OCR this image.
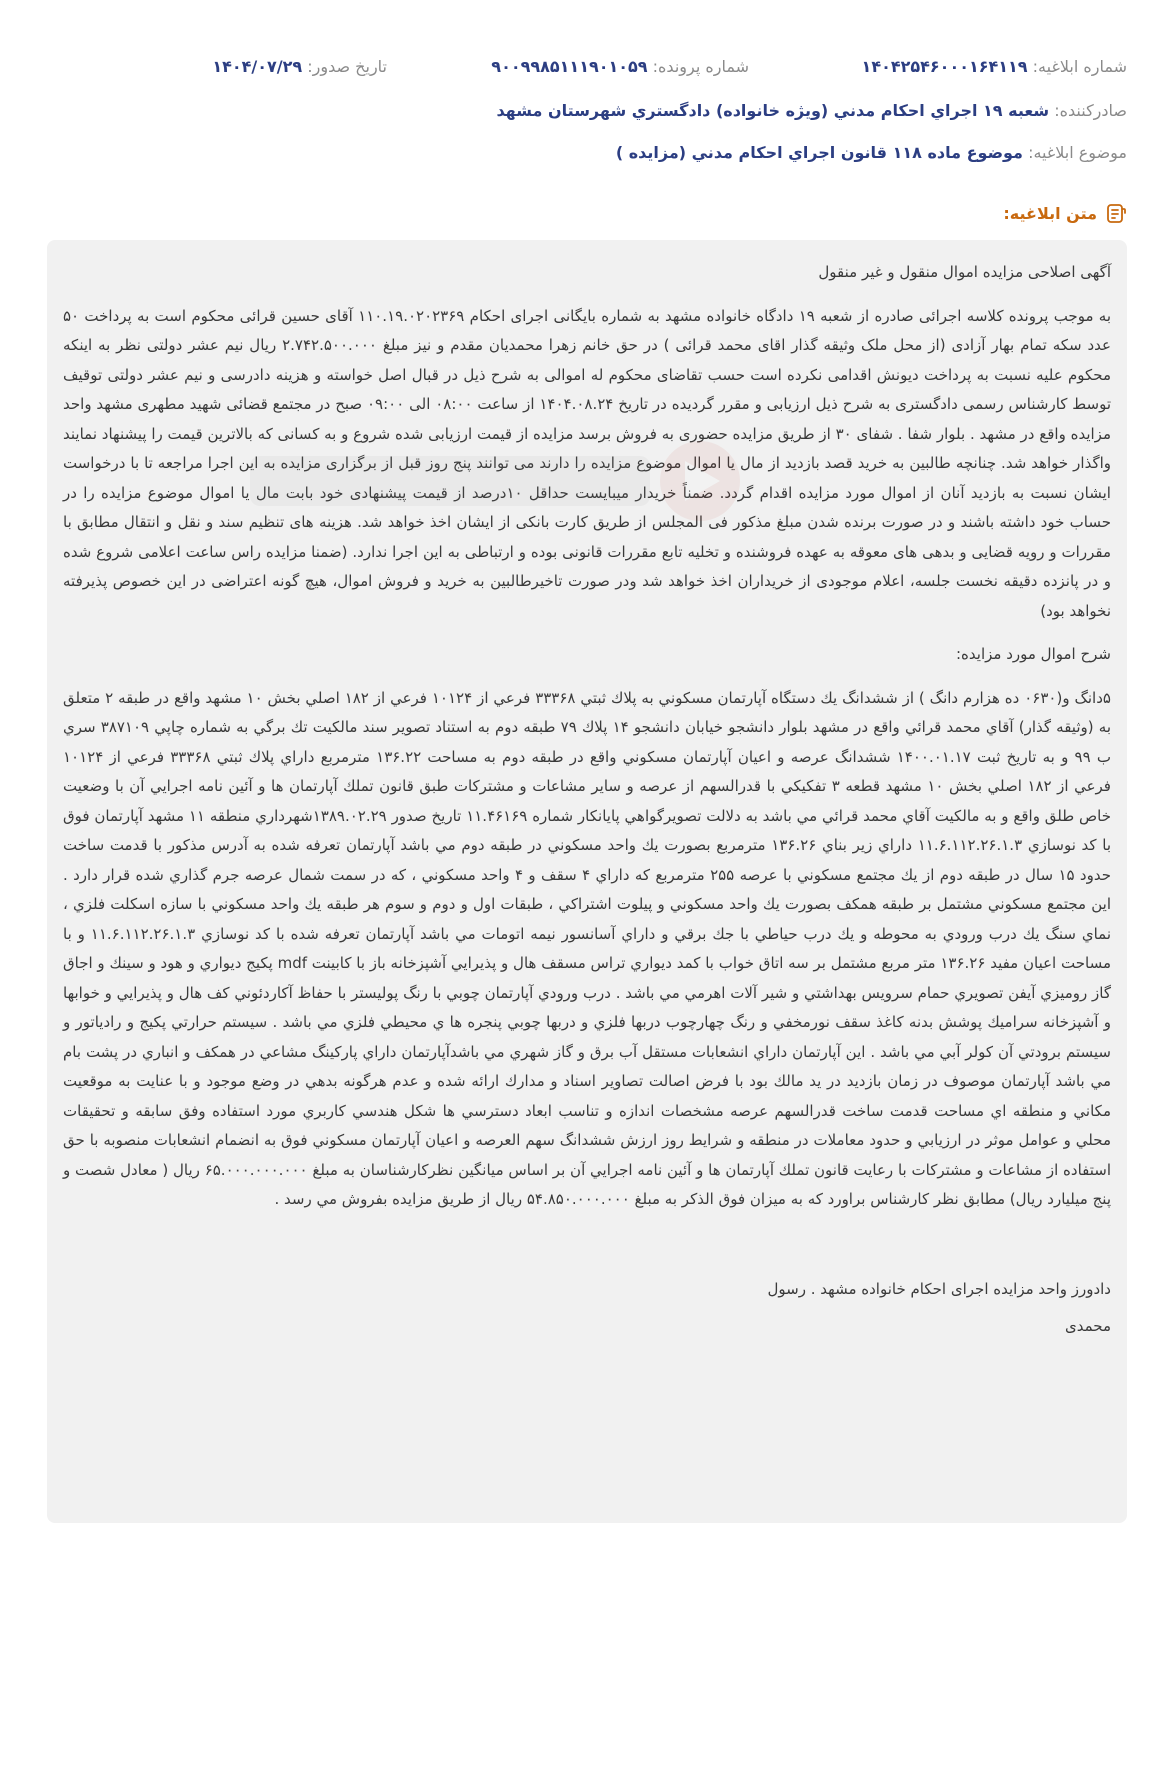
شماره ابلاغیه: ۱۴۰۴۲۵۴۶۰۰۰۱۶۴۱۱۹
شماره پرونده: ۹۰۰۹۹۸۵۱۱۱۹۰۱۰۵۹
تاریخ صدور: ۱۴۰۴/۰۷/۲۹
صادرکننده: شعبه ۱۹ اجراي احكام مدني (ويژه خانواده) دادگستري شهرستان مشهد
موضوع ابلاغیه: موضوع ماده ۱۱۸ قانون اجراي احكام مدني (مزايده )
متن ابلاغیه:

آگهی اصلاحی مزایده اموال منقول و غیر منقول

به موجب پرونده کلاسه اجرائی صادره از شعبه ۱۹ دادگاه خانواده مشهد به شماره بایگانی اجرای احکام ۱۱۰.۱۹.۰۲۰۲۳۶۹ آقای حسین قرائی محکوم است به پرداخت ۵۰ عدد سکه تمام بهار آزادی (از محل ملک وثیقه گذار اقای محمد قرائی ) در حق خانم زهرا محمدیان مقدم و نیز مبلغ ۲.۷۴۲.۵۰۰.۰۰۰ ریال نیم عشر دولتی نظر به اینکه محکوم علیه نسبت به پرداخت دیونش اقدامی نکرده است حسب تقاضای محکوم له اموالی به شرح ذیل در قبال اصل خواسته و هزینه دادرسی و نیم عشر دولتی توقیف توسط کارشناس رسمی دادگستری به شرح ذیل ارزیابی و مقرر گردیده در تاریخ ۱۴۰۴.۰۸.۲۴ از ساعت ۰۸:۰۰ الی ۰۹:۰۰ صبح در مجتمع قضائی شهید مطهری مشهد واحد مزایده واقع در مشهد . بلوار شفا . شفای ۳۰ از طریق مزایده حضوری به فروش برسد مزایده از قیمت ارزیابی شده شروع و به کسانی که بالاترین قیمت را پیشنهاد نمایند واگذار خواهد شد. چنانچه طالبین به خرید قصد بازدید از مال یا اموال موضوع مزایده را دارند می توانند پنج روز قبل از برگزاری مزایده به این اجرا مراجعه تا با درخواست ایشان نسبت به بازدید آنان از اموال مورد مزایده اقدام گردد. ضمناً خریدار میبایست حداقل ۱۰درصد از قیمت پیشنهادی خود بابت مال یا اموال موضوع مزایده را در حساب خود داشته باشند و در صورت برنده شدن مبلغ مذکور فی المجلس از طریق کارت بانکی از ایشان اخذ خواهد شد. هزینه های تنظیم سند و نقل و انتقال مطابق با مقررات و رویه قضایی و بدهی های معوقه به عهده فروشنده و تخلیه تابع مقررات قانونی بوده و ارتباطی به این اجرا ندارد. (ضمنا مزایده راس ساعت اعلامی شروع شده و در پانزده دقیقه نخست جلسه، اعلام موجودی از خریداران اخذ خواهد شد ودر صورت تاخیرطالبین به خرید و فروش اموال، هیچ گونه اعتراضی در این خصوص پذیرفته نخواهد بود)

شرح اموال مورد مزایده:

۵دانگ و(۰۶۳۰ ده هزارم دانگ ) از ششدانگ يك دستگاه آپارتمان مسكوني به پلاك ثبتي ۳۳۳۶۸ فرعي از ۱۰۱۲۴ فرعي از ۱۸۲ اصلي بخش ۱۰ مشهد واقع در طبقه ۲ متعلق به (وثيقه گذار) آقاي محمد قرائي واقع در مشهد بلوار دانشجو خيابان دانشجو ۱۴ پلاك ۷۹ طبقه دوم به استناد تصوير سند مالكيت تك برگي به شماره چاپي ۳۸۷۱۰۹ سري ب ۹۹ و به تاريخ ثبت ۱۴۰۰.۰۱.۱۷ ششدانگ عرصه و اعيان آپارتمان مسكوني واقع در طبقه دوم به مساحت ۱۳۶.۲۲ مترمربع داراي پلاك ثبتي ۳۳۳۶۸ فرعي از ۱۰۱۲۴ فرعي از ۱۸۲ اصلي بخش ۱۰ مشهد قطعه ۳ تفكيكي با قدرالسهم از عرصه و ساير مشاعات و مشتركات طبق قانون تملك آپارتمان ها و آئين نامه اجرايي آن با وضعيت خاص طلق واقع و به مالكيت آقاي محمد قرائي مي باشد به دلالت تصويرگواهي پايانكار شماره ۱۱.۴۶۱۶۹ تاريخ صدور ۱۳۸۹.۰۲.۲۹شهرداري منطقه ۱۱ مشهد آپارتمان فوق با كد نوسازي ۱۱.۶.۱۱۲.۲۶.۱.۳ داراي زير بناي ۱۳۶.۲۶ مترمربع بصورت يك واحد مسكوني در طبقه دوم مي باشد آپارتمان تعرفه شده به آدرس مذكور با قدمت ساخت حدود ۱۵ سال در طبقه دوم از يك مجتمع مسكوني با عرصه ۲۵۵ مترمربع كه داراي ۴ سقف و ۴ واحد مسكوني ، كه در سمت شمال عرصه جرم گذاري شده قرار دارد . اين مجتمع مسكوني مشتمل بر طبقه همكف بصورت يك واحد مسكوني و پيلوت اشتراكي ، طبقات اول و دوم و سوم هر طبقه يك واحد مسكوني با سازه اسكلت فلزي ، نماي سنگ يك درب ورودي به محوطه و يك درب حياطي با جك برقي و داراي آسانسور نيمه اتومات مي باشد آپارتمان تعرفه شده با كد نوسازي ۱۱.۶.۱۱۲.۲۶.۱.۳ و با مساحت اعيان مفيد ۱۳۶.۲۶ متر مربع مشتمل بر سه اتاق خواب با كمد ديواري تراس مسقف هال و پذيرايي آشپزخانه باز با كابينت mdf پكيج ديواري و هود و سينك و اجاق گاز روميزي آيفن تصويري حمام سرويس بهداشتي و شير آلات اهرمي مي باشد . درب ورودي آپارتمان چوبي با رنگ پوليستر با حفاظ آكاردئوني كف هال و پذيرايي و خوابها و آشپزخانه سراميك پوشش بدنه كاغذ سقف نورمخفي و رنگ چهارچوب دربها فلزي و دربها چوبي پنجره ها ي محيطي فلزي مي باشد . سيستم حرارتي پكيج و رادياتور و سيستم برودتي آن كولر آبي مي باشد . اين آپارتمان داراي انشعابات مستقل آب برق و گاز شهري مي باشدآپارتمان داراي پاركينگ مشاعي در همكف و انباري در پشت بام مي باشد آپارتمان موصوف در زمان بازديد در يد مالك بود با فرض اصالت تصاوير اسناد و مدارك ارائه شده و عدم هرگونه بدهي در وضع موجود و با عنايت به موقعيت مكاني و منطقه اي مساحت قدمت ساخت قدرالسهم عرصه مشخصات اندازه و تناسب ابعاد دسترسي ها شكل هندسي كاربري مورد استفاده وفق سابقه و تحقيقات محلي و عوامل موثر در ارزيابي و حدود معاملات در منطقه و شرايط روز ارزش ششدانگ سهم العرصه و اعيان آپارتمان مسكوني فوق به انضمام انشعابات منصوبه با حق استفاده از مشاعات و مشتركات با رعايت قانون تملك آپارتمان ها و آئين نامه اجرايي آن بر اساس ميانگين نظركارشناسان به مبلغ ۶۵.۰۰۰.۰۰۰.۰۰۰ ريال ( معادل شصت و پنج ميليارد ريال) مطابق نظر كارشناس براورد كه به ميزان فوق الذكر به مبلغ ۵۴.۸۵۰.۰۰۰.۰۰۰ ريال از طريق مزايده بفروش مي رسد .

دادورز واحد مزایده اجرای احکام خانواده مشهد . رسول

محمدی
